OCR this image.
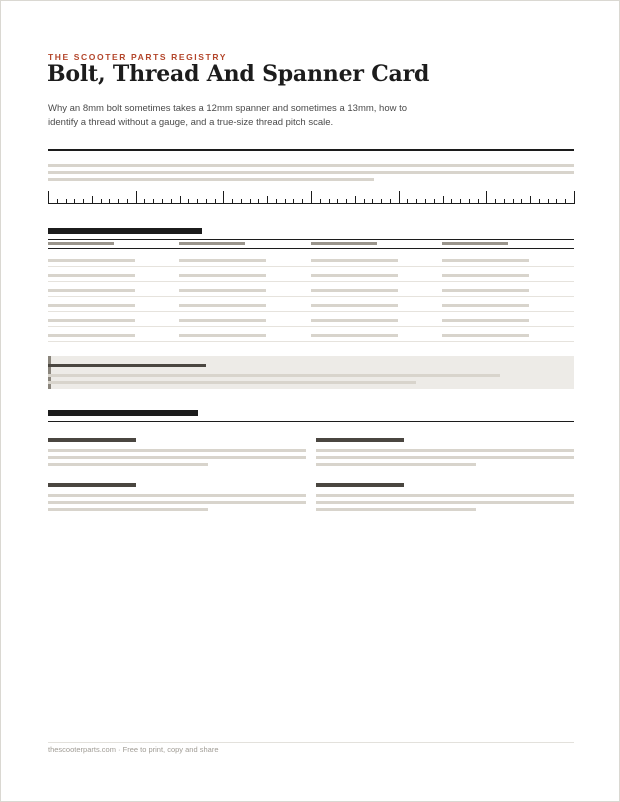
THE SCOOTER PARTS REGISTRY
Bolt, Thread And Spanner Card
Why an 8mm bolt sometimes takes a 12mm spanner and sometimes a 13mm, how to identify a thread without a gauge, and a true-size thread pitch scale.
thescooterparts.com · Free to print, copy and share
